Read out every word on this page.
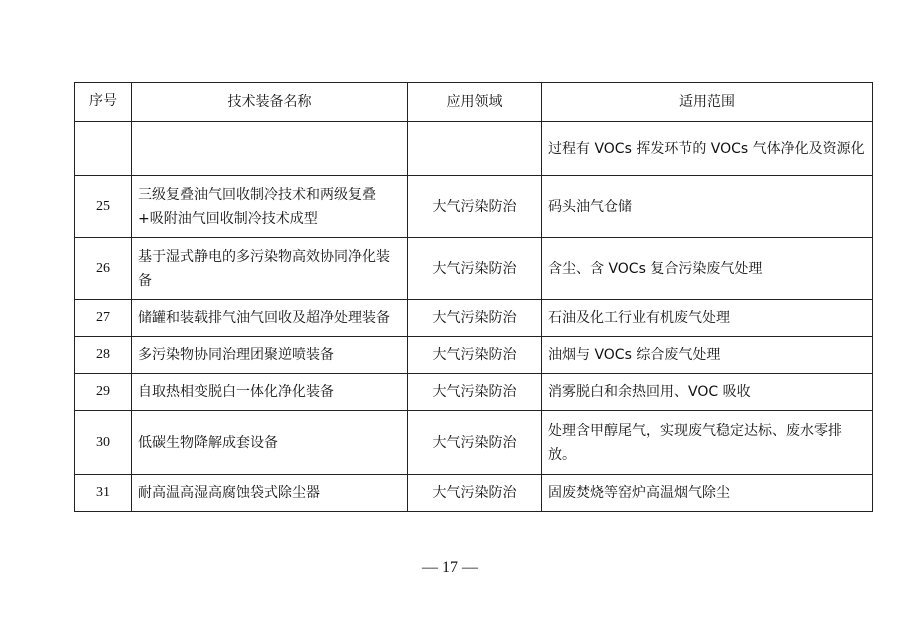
序号	技术装备名称	应用领域	适用范围
			过程有 VOCs 挥发环节的 VOCs 气体净化及资源化
25	三级复叠油气回收制冷技术和两级复叠+吸附油气回收制冷技术成型	大气污染防治	码头油气仓储
26	基于湿式静电的多污染物高效协同净化装备	大气污染防治	含尘、含 VOCs 复合污染废气处理
27	储罐和装载排气油气回收及超净处理装备	大气污染防治	石油及化工行业有机废气处理
28	多污染物协同治理团聚逆喷装备	大气污染防治	油烟与 VOCs 综合废气处理
29	自取热相变脱白一体化净化装备	大气污染防治	消雾脱白和余热回用、VOC 吸收
30	低碳生物降解成套设备	大气污染防治	处理含甲醇尾气，实现废气稳定达标、废水零排放。
31	耐高温高湿高腐蚀袋式除尘器	大气污染防治	固废焚烧等窑炉高温烟气除尘
— 17 —
